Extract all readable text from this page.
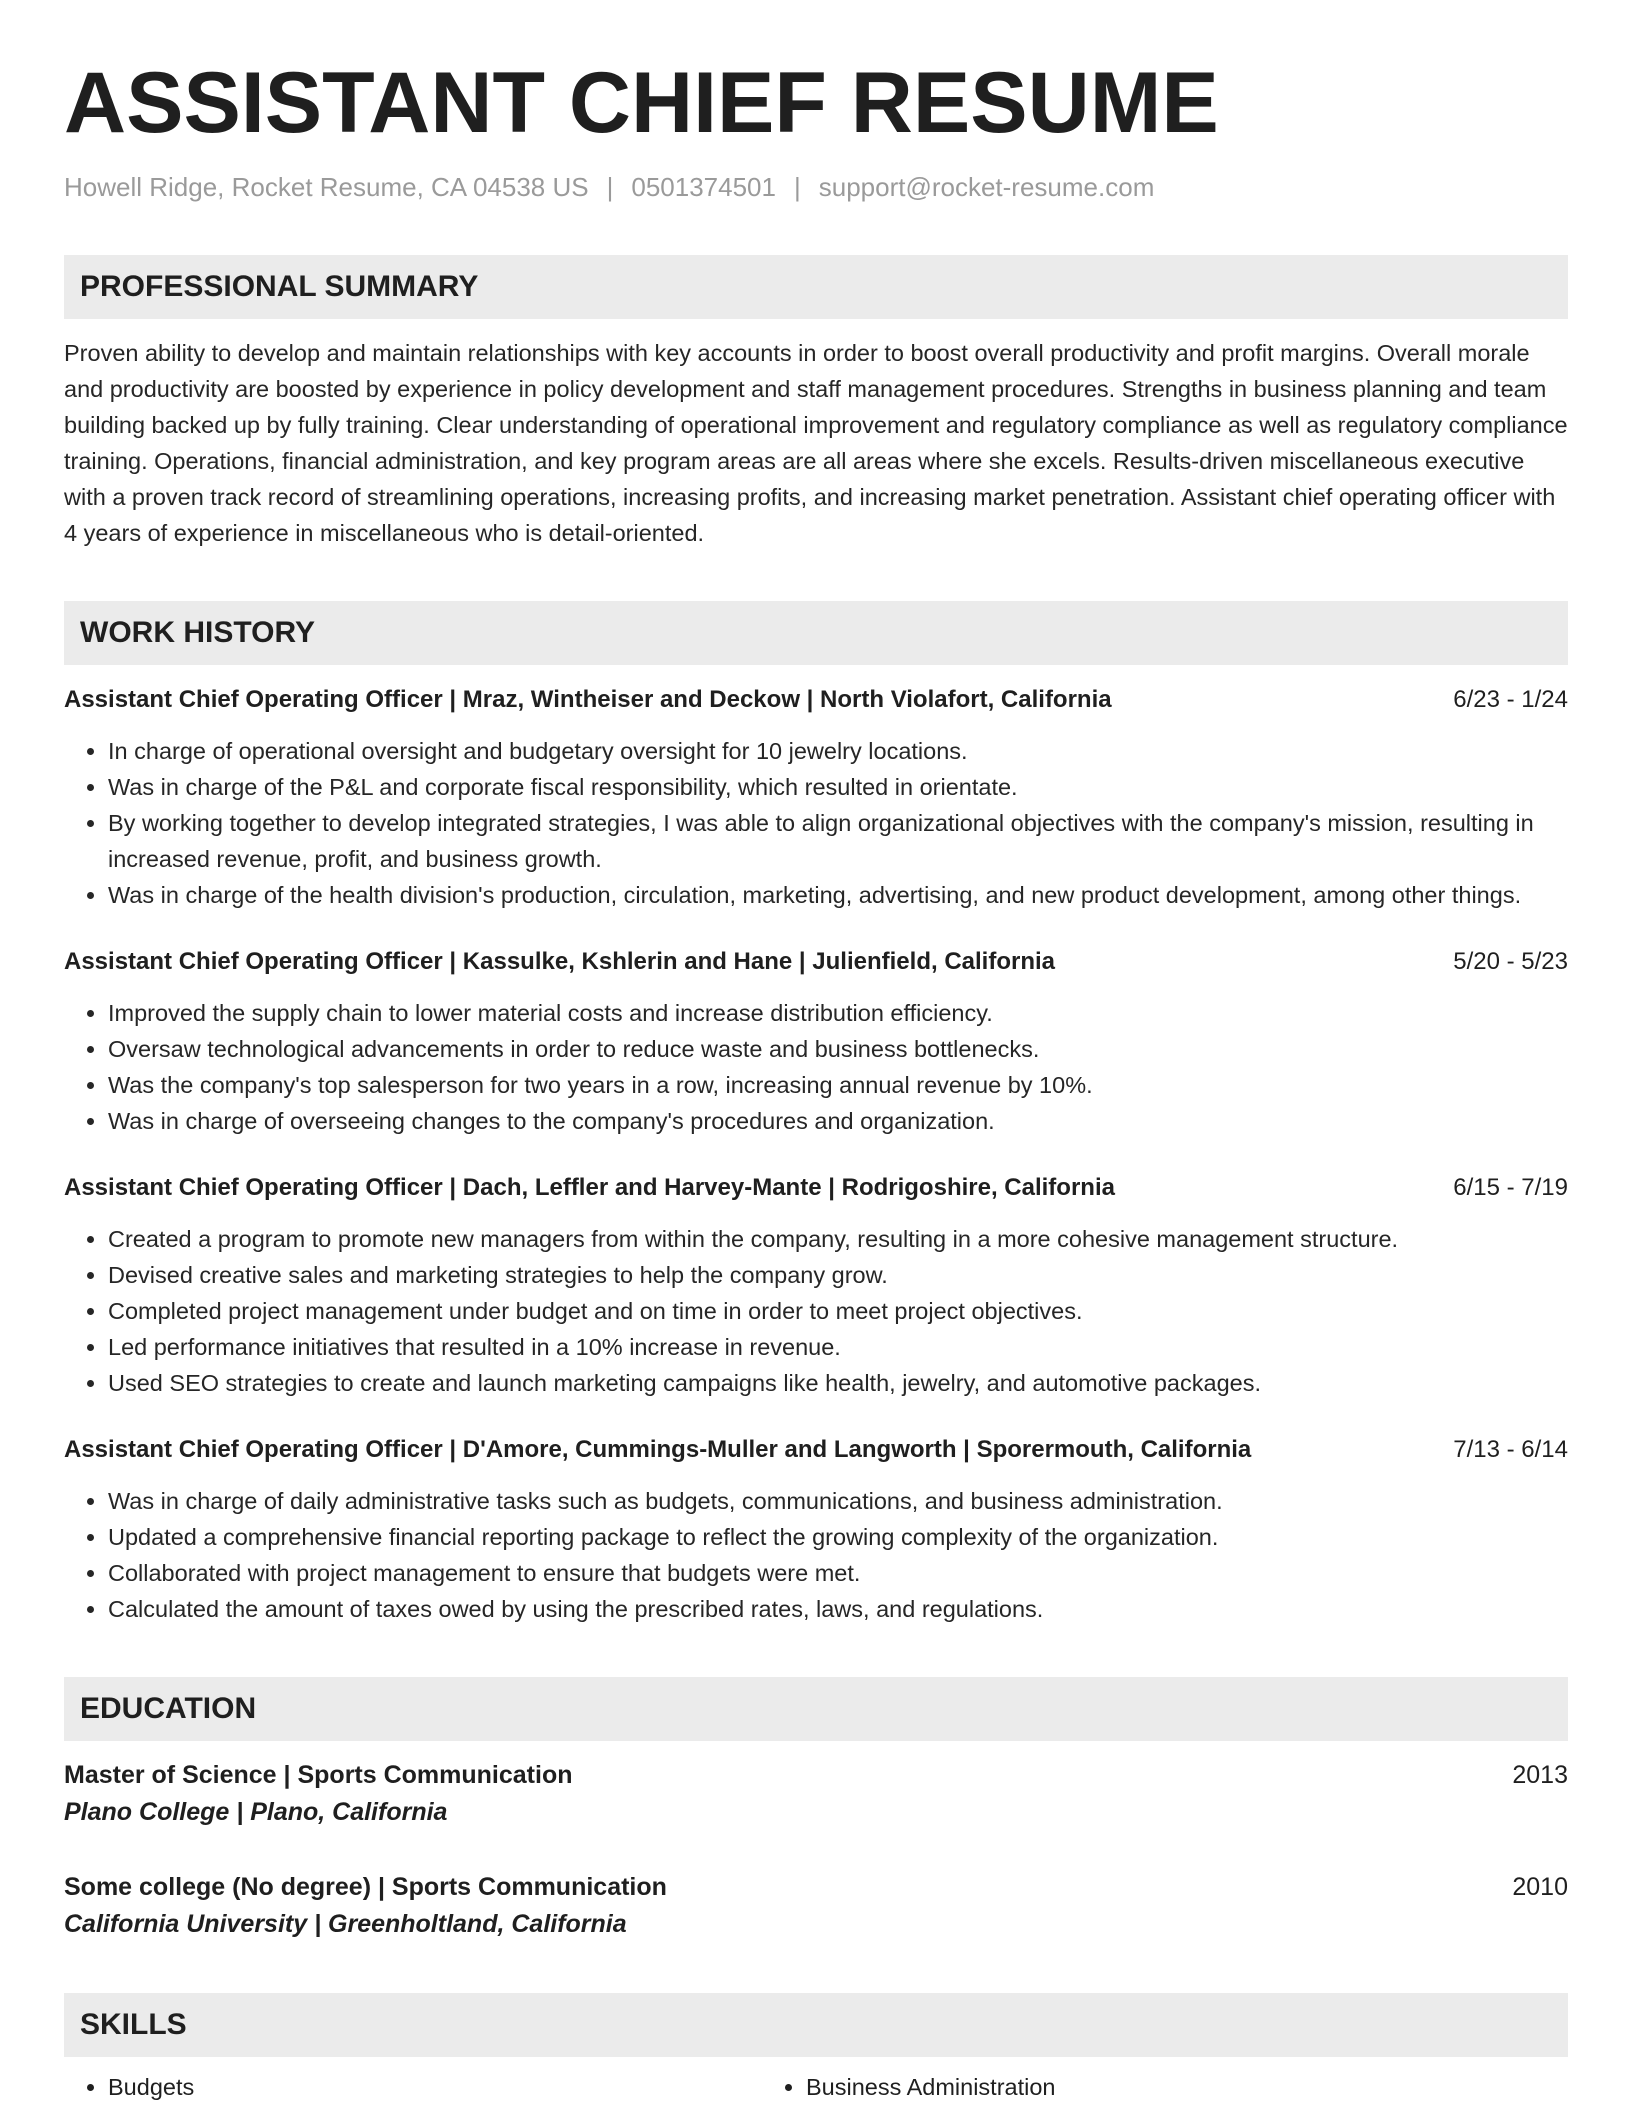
ASSISTANT CHIEF RESUME
Howell Ridge, Rocket Resume, CA 04538 US | 0501374501 | support@rocket-resume.com
PROFESSIONAL SUMMARY
Proven ability to develop and maintain relationships with key accounts in order to boost overall productivity and profit margins. Overall morale and productivity are boosted by experience in policy development and staff management procedures. Strengths in business planning and team building backed up by fully training. Clear understanding of operational improvement and regulatory compliance as well as regulatory compliance training. Operations, financial administration, and key program areas are all areas where she excels. Results-driven miscellaneous executive with a proven track record of streamlining operations, increasing profits, and increasing market penetration. Assistant chief operating officer with 4 years of experience in miscellaneous who is detail-oriented.
WORK HISTORY
Assistant Chief Operating Officer | Mraz, Wintheiser and Deckow | North Violafort, California	6/23 - 1/24
• In charge of operational oversight and budgetary oversight for 10 jewelry locations.
• Was in charge of the P&L and corporate fiscal responsibility, which resulted in orientate.
• By working together to develop integrated strategies, I was able to align organizational objectives with the company's mission, resulting in increased revenue, profit, and business growth.
• Was in charge of the health division's production, circulation, marketing, advertising, and new product development, among other things.
Assistant Chief Operating Officer | Kassulke, Kshlerin and Hane | Julienfield, California	5/20 - 5/23
• Improved the supply chain to lower material costs and increase distribution efficiency.
• Oversaw technological advancements in order to reduce waste and business bottlenecks.
• Was the company's top salesperson for two years in a row, increasing annual revenue by 10%.
• Was in charge of overseeing changes to the company's procedures and organization.
Assistant Chief Operating Officer | Dach, Leffler and Harvey-Mante | Rodrigoshire, California	6/15 - 7/19
• Created a program to promote new managers from within the company, resulting in a more cohesive management structure.
• Devised creative sales and marketing strategies to help the company grow.
• Completed project management under budget and on time in order to meet project objectives.
• Led performance initiatives that resulted in a 10% increase in revenue.
• Used SEO strategies to create and launch marketing campaigns like health, jewelry, and automotive packages.
Assistant Chief Operating Officer | D'Amore, Cummings-Muller and Langworth | Sporermouth, California	7/13 - 6/14
• Was in charge of daily administrative tasks such as budgets, communications, and business administration.
• Updated a comprehensive financial reporting package to reflect the growing complexity of the organization.
• Collaborated with project management to ensure that budgets were met.
• Calculated the amount of taxes owed by using the prescribed rates, laws, and regulations.
EDUCATION
Master of Science | Sports Communication	2013
Plano College | Plano, California
Some college (No degree) | Sports Communication	2010
California University | Greenholtland, California
SKILLS
• Budgets
•	Business Administration
